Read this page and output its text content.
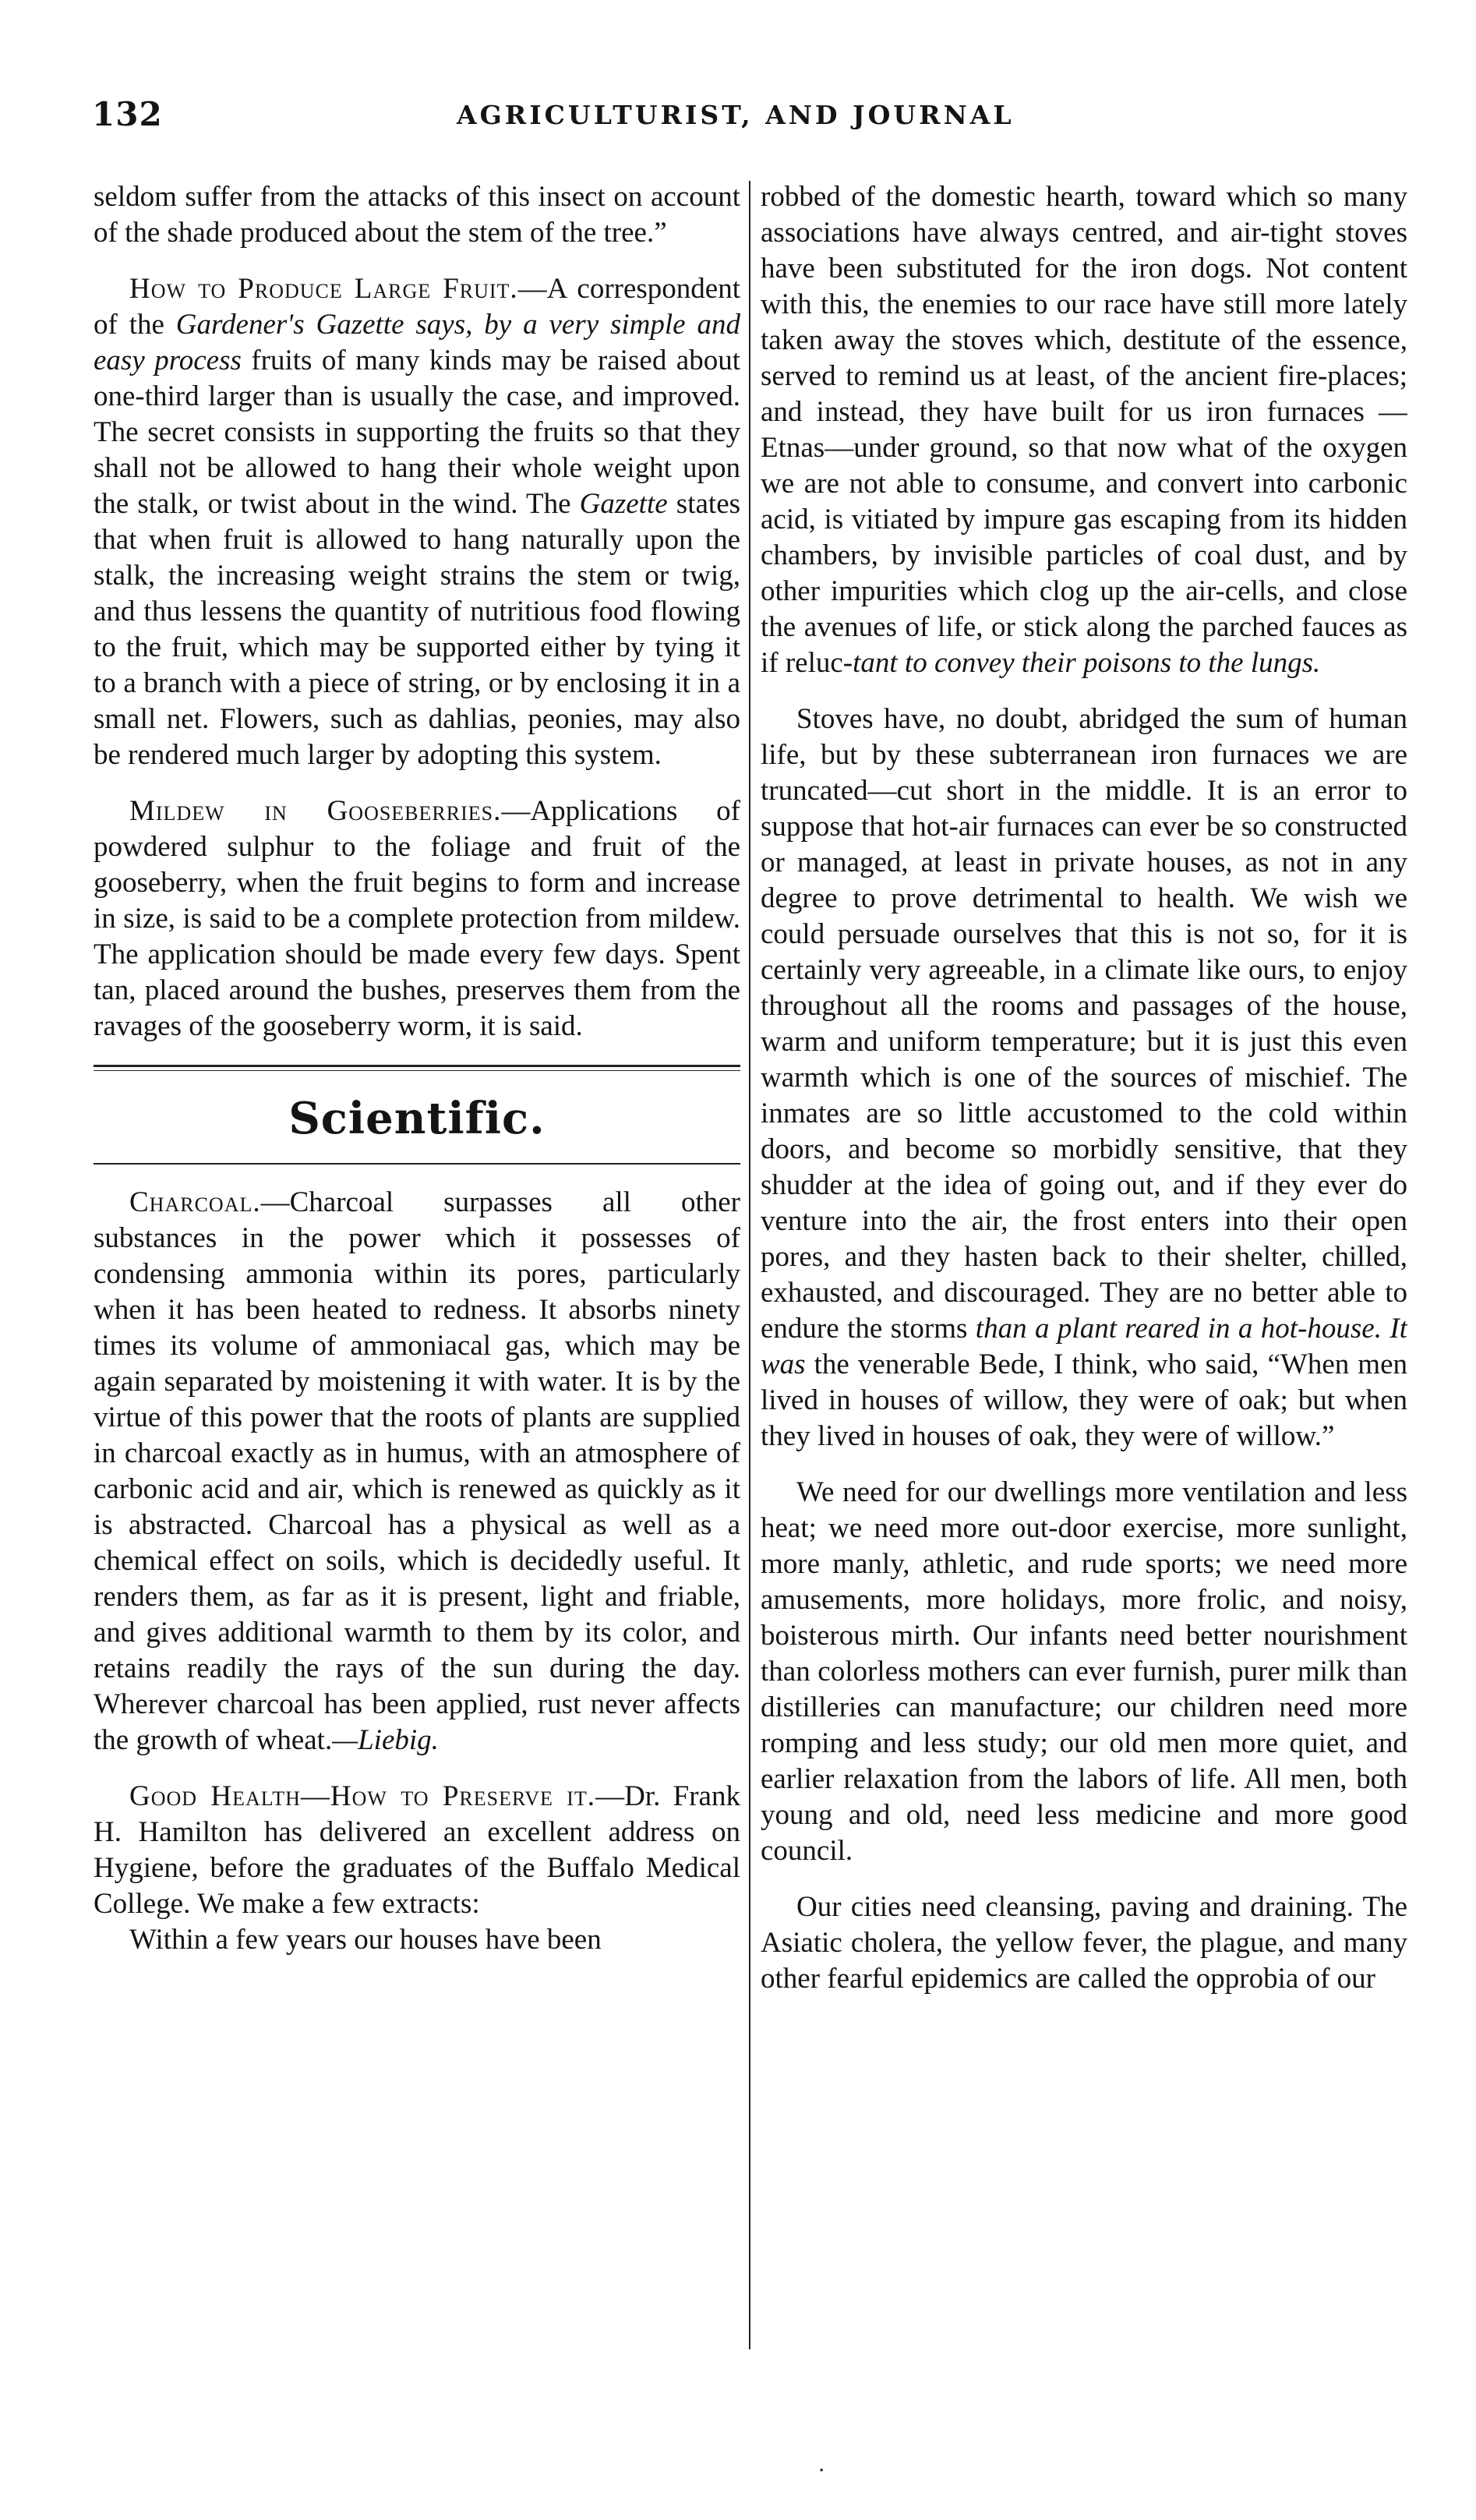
132	AGRICULTURIST, AND JOURNAL

seldom suffer from the attacks of this insect on account of the shade produced about the stem of the tree.”

How to Produce Large Fruit.—A correspondent of the Gardener's Gazette says, by a very simple and easy process fruits of many kinds may be raised about one-third larger than is usually the case, and improved. The secret consists in supporting the fruits so that they shall not be allowed to hang their whole weight upon the stalk, or twist about in the wind. The Gazette states that when fruit is allowed to hang naturally upon the stalk, the increasing weight strains the stem or twig, and thus lessens the quantity of nutritious food flowing to the fruit, which may be supported either by tying it to a branch with a piece of string, or by enclosing it in a small net. Flowers, such as dahlias, peonies, may also be rendered much larger by adopting this system.

Mildew in Gooseberries.—Applications of powdered sulphur to the foliage and fruit of the gooseberry, when the fruit begins to form and increase in size, is said to be a complete protection from mildew. The application should be made every few days. Spent tan, placed around the bushes, preserves them from the ravages of the gooseberry worm, it is said.

Scientific.

Charcoal.—Charcoal surpasses all other substances in the power which it possesses of condensing ammonia within its pores, particularly when it has been heated to redness. It absorbs ninety times its volume of ammoniacal gas, which may be again separated by moistening it with water. It is by the virtue of this power that the roots of plants are supplied in charcoal exactly as in humus, with an atmosphere of carbonic acid and air, which is renewed as quickly as it is abstracted. Charcoal has a physical as well as a chemical effect on soils, which is decidedly useful. It renders them, as far as it is present, light and friable, and gives additional warmth to them by its color, and retains readily the rays of the sun during the day. Wherever charcoal has been applied, rust never affects the growth of wheat.—Liebig.

Good Health—How to Preserve it.—Dr. Frank H. Hamilton has delivered an excellent address on Hygiene, before the graduates of the Buffalo Medical College. We make a few extracts:

Within a few years our houses have been

robbed of the domestic hearth, toward which so many associations have always centred, and air-tight stoves have been substituted for the iron dogs. Not content with this, the enemies to our race have still more lately taken away the stoves which, destitute of the essence, served to remind us at least, of the ancient fire-places; and instead, they have built for us iron furnaces —Etnas—under ground, so that now what of the oxygen we are not able to consume, and convert into carbonic acid, is vitiated by impure gas escaping from its hidden chambers, by invisible particles of coal dust, and by other impurities which clog up the air-cells, and close the avenues of life, or stick along the parched fauces as if reluc-tant to convey their poisons to the lungs.

Stoves have, no doubt, abridged the sum of human life, but by these subterranean iron furnaces we are truncated—cut short in the middle. It is an error to suppose that hot-air furnaces can ever be so constructed or managed, at least in private houses, as not in any degree to prove detrimental to health. We wish we could persuade ourselves that this is not so, for it is certainly very agreeable, in a climate like ours, to enjoy throughout all the rooms and passages of the house, warm and uniform temperature; but it is just this even warmth which is one of the sources of mischief. The inmates are so little accustomed to the cold within doors, and become so morbidly sensitive, that they shudder at the idea of going out, and if they ever do venture into the air, the frost enters into their open pores, and they hasten back to their shelter, chilled, exhausted, and discouraged. They are no better able to endure the storms than a plant reared in a hot-house. It was the venerable Bede, I think, who said, “When men lived in houses of willow, they were of oak; but when they lived in houses of oak, they were of willow.”

We need for our dwellings more ventilation and less heat; we need more out-door exercise, more sunlight, more manly, athletic, and rude sports; we need more amusements, more holidays, more frolic, and noisy, boisterous mirth. Our infants need better nourishment than colorless mothers can ever furnish, purer milk than distilleries can manufacture; our children need more romping and less study; our old men more quiet, and earlier relaxation from the labors of life. All men, both young and old, need less medicine and more good council.

Our cities need cleansing, paving and draining. The Asiatic cholera, the yellow fever, the plague, and many other fearful epidemics are called the opprobia of our

·
